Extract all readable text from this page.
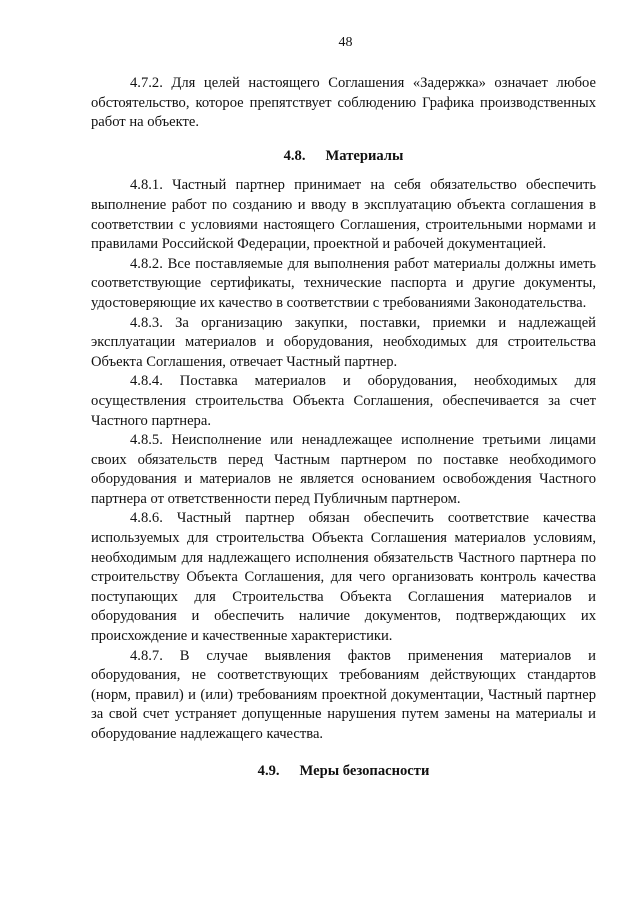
48

4.7.2. Для целей настоящего Соглашения «Задержка» означает любое обстоятельство, которое препятствует соблюдению Графика производственных работ на объекте.

4.8. Материалы

4.8.1. Частный партнер принимает на себя обязательство обеспечить выполнение работ по созданию и вводу в эксплуатацию объекта соглашения в соответствии с условиями настоящего Соглашения, строительными нормами и правилами Российской Федерации, проектной и рабочей документацией.

4.8.2. Все поставляемые для выполнения работ материалы должны иметь соответствующие сертификаты, технические паспорта и другие документы, удостоверяющие их качество в соответствии с требованиями Законодательства.

4.8.3. За организацию закупки, поставки, приемки и надлежащей эксплуатации материалов и оборудования, необходимых для строительства Объекта Соглашения, отвечает Частный партнер.

4.8.4. Поставка материалов и оборудования, необходимых для осуществления строительства Объекта Соглашения, обеспечивается за счет Частного партнера.

4.8.5. Неисполнение или ненадлежащее исполнение третьими лицами своих обязательств перед Частным партнером по поставке необходимого оборудования и материалов не является основанием освобождения Частного партнера от ответственности перед Публичным партнером.

4.8.6. Частный партнер обязан обеспечить соответствие качества используемых для строительства Объекта Соглашения материалов условиям, необходимым для надлежащего исполнения обязательств Частного партнера по строительству Объекта Соглашения, для чего организовать контроль качества поступающих для Строительства Объекта Соглашения материалов и оборудования и обеспечить наличие документов, подтверждающих их происхождение и качественные характеристики.

4.8.7. В случае выявления фактов применения материалов и оборудования, не соответствующих требованиям действующих стандартов (норм, правил) и (или) требованиям проектной документации, Частный партнер за свой счет устраняет допущенные нарушения путем замены на материалы и оборудование надлежащего качества.

4.9. Меры безопасности
